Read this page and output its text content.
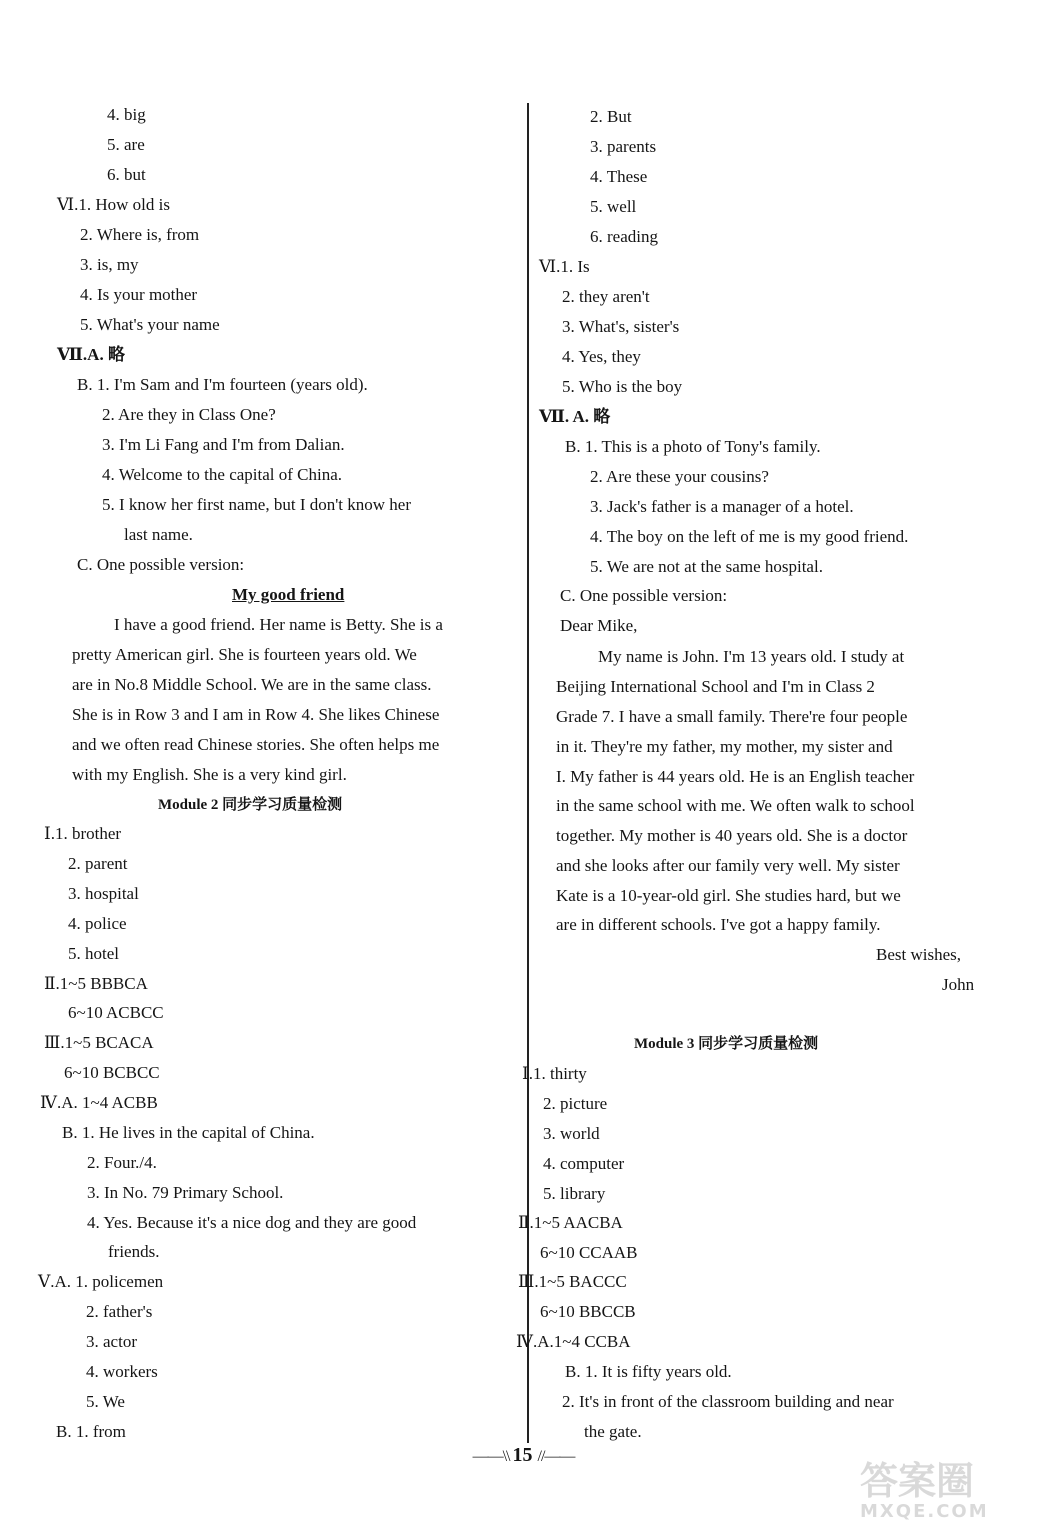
4. big
5. are
6. but
Ⅵ.1. How old is
2. Where is, from
3. is, my
4. Is your mother
5. What's your name
Ⅶ.A. 略
B. 1. I'm Sam and I'm fourteen (years old).
2. Are they in Class One?
3. I'm Li Fang and I'm from Dalian.
4. Welcome to the capital of China.
5. I know her first name, but I don't know her
last name.
C. One possible version:
My good friend
I have a good friend. Her name is Betty. She is a
pretty American girl. She is fourteen years old. We
are in No.8 Middle School. We are in the same class.
She is in Row 3 and I am in Row 4. She likes Chinese
and we often read Chinese stories. She often helps me
with my English. She is a very kind girl.
Module 2 同步学习质量检测
Ⅰ.1. brother
2. parent
3. hospital
4. police
5. hotel
Ⅱ.1~5 BBBCA
6~10 ACBCC
Ⅲ.1~5 BCACA
6~10 BCBCC
Ⅳ.A. 1~4 ACBB
B. 1. He lives in the capital of China.
2. Four./4.
3. In No. 79 Primary School.
4. Yes. Because it's a nice dog and they are good
friends.
Ⅴ.A. 1. policemen
2. father's
3. actor
4. workers
5. We
B. 1. from
2. But
3. parents
4. These
5. well
6. reading
Ⅵ.1. Is
2. they aren't
3. What's, sister's
4. Yes, they
5. Who is the boy
Ⅶ. A. 略
B. 1. This is a photo of Tony's family.
2. Are these your cousins?
3. Jack's father is a manager of a hotel.
4. The boy on the left of me is my good friend.
5. We are not at the same hospital.
C. One possible version:
Dear Mike,
My name is John. I'm 13 years old. I study at
Beijing International School and I'm in Class 2
Grade 7. I have a small family. There're four people
in it. They're my father, my mother, my sister and
I. My father is 44 years old. He is an English teacher
in the same school with me. We often walk to school
together. My mother is 40 years old. She is a doctor
and she looks after our family very well. My sister
Kate is a 10-year-old girl. She studies hard, but we
are in different schools. I've got a happy family.
Best wishes,
John
Module 3 同步学习质量检测
Ⅰ.1. thirty
2. picture
3. world
4. computer
5. library
Ⅱ.1~5 AACBA
6~10 CCAAB
Ⅲ.1~5 BACCC
6~10 BBCCB
Ⅳ.A.1~4 CCBA
B. 1. It is fifty years old.
2. It's in front of the classroom building and near
the gate.
——\\ 15 //——
答案圈
MXQE.COM
